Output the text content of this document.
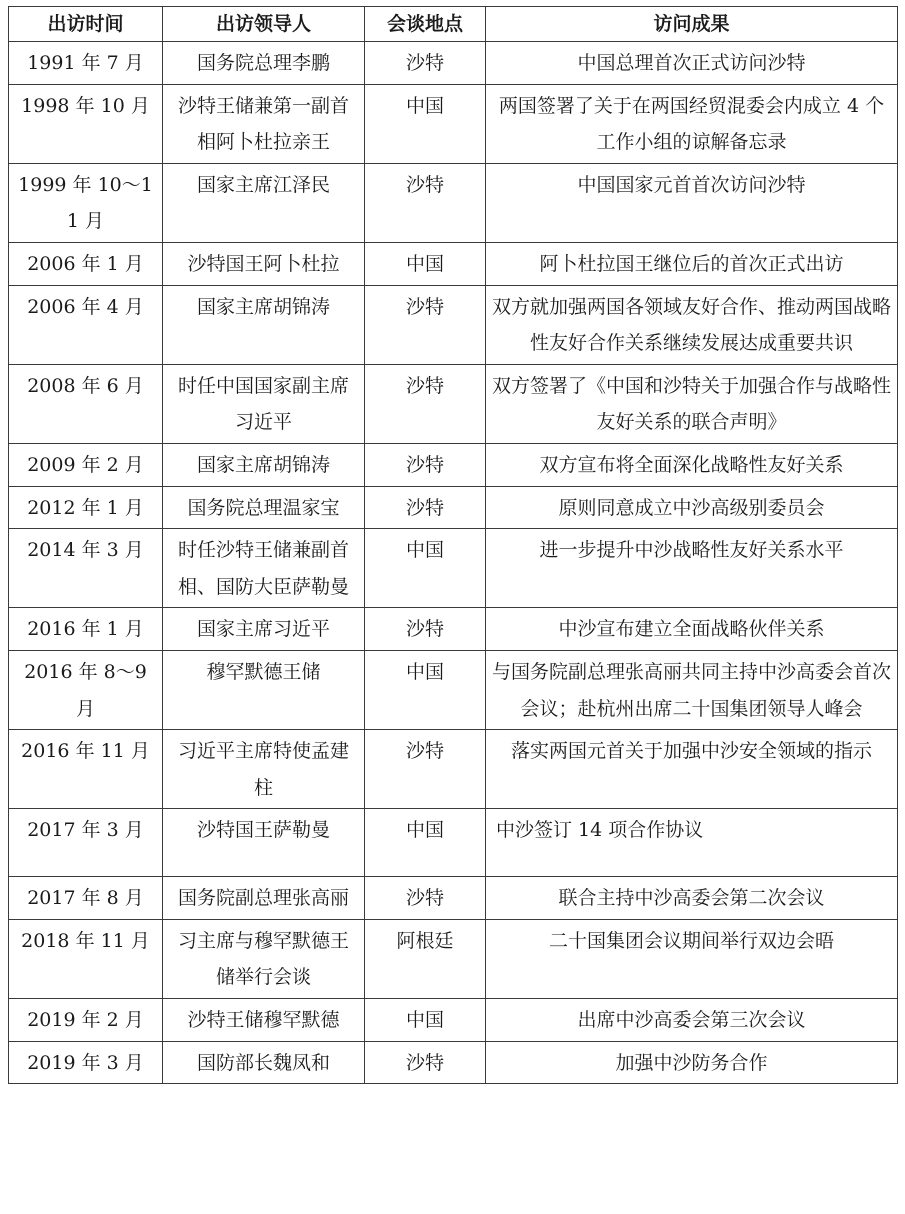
出访时间	出访领导人	会谈地点	访问成果
1991 年 7 月	国务院总理李鹏	沙特	中国总理首次正式访问沙特
1998 年 10 月	沙特王储兼第一副首相阿卜杜拉亲王	中国	两国签署了关于在两国经贸混委会内成立 4 个工作小组的谅解备忘录
1999 年 10～11 月	国家主席江泽民	沙特	中国国家元首首次访问沙特
2006 年 1 月	沙特国王阿卜杜拉	中国	阿卜杜拉国王继位后的首次正式出访
2006 年 4 月	国家主席胡锦涛	沙特	双方就加强两国各领域友好合作、推动两国战略性友好合作关系继续发展达成重要共识
2008 年 6 月	时任中国国家副主席习近平	沙特	双方签署了《中国和沙特关于加强合作与战略性友好关系的联合声明》
2009 年 2 月	国家主席胡锦涛	沙特	双方宣布将全面深化战略性友好关系
2012 年 1 月	国务院总理温家宝	沙特	原则同意成立中沙高级别委员会
2014 年 3 月	时任沙特王储兼副首相、国防大臣萨勒曼	中国	进一步提升中沙战略性友好关系水平
2016 年 1 月	国家主席习近平	沙特	中沙宣布建立全面战略伙伴关系
2016 年 8～9 月	穆罕默德王储	中国	与国务院副总理张高丽共同主持中沙高委会首次会议；赴杭州出席二十国集团领导人峰会
2016 年 11 月	习近平主席特使孟建柱	沙特	落实两国元首关于加强中沙安全领域的指示
2017 年 3 月	沙特国王萨勒曼	中国	中沙签订 14 项合作协议
2017 年 8 月	国务院副总理张高丽	沙特	联合主持中沙高委会第二次会议
2018 年 11 月	习主席与穆罕默德王储举行会谈	阿根廷	二十国集团会议期间举行双边会晤
2019 年 2 月	沙特王储穆罕默德	中国	出席中沙高委会第三次会议
2019 年 3 月	国防部长魏凤和	沙特	加强中沙防务合作
